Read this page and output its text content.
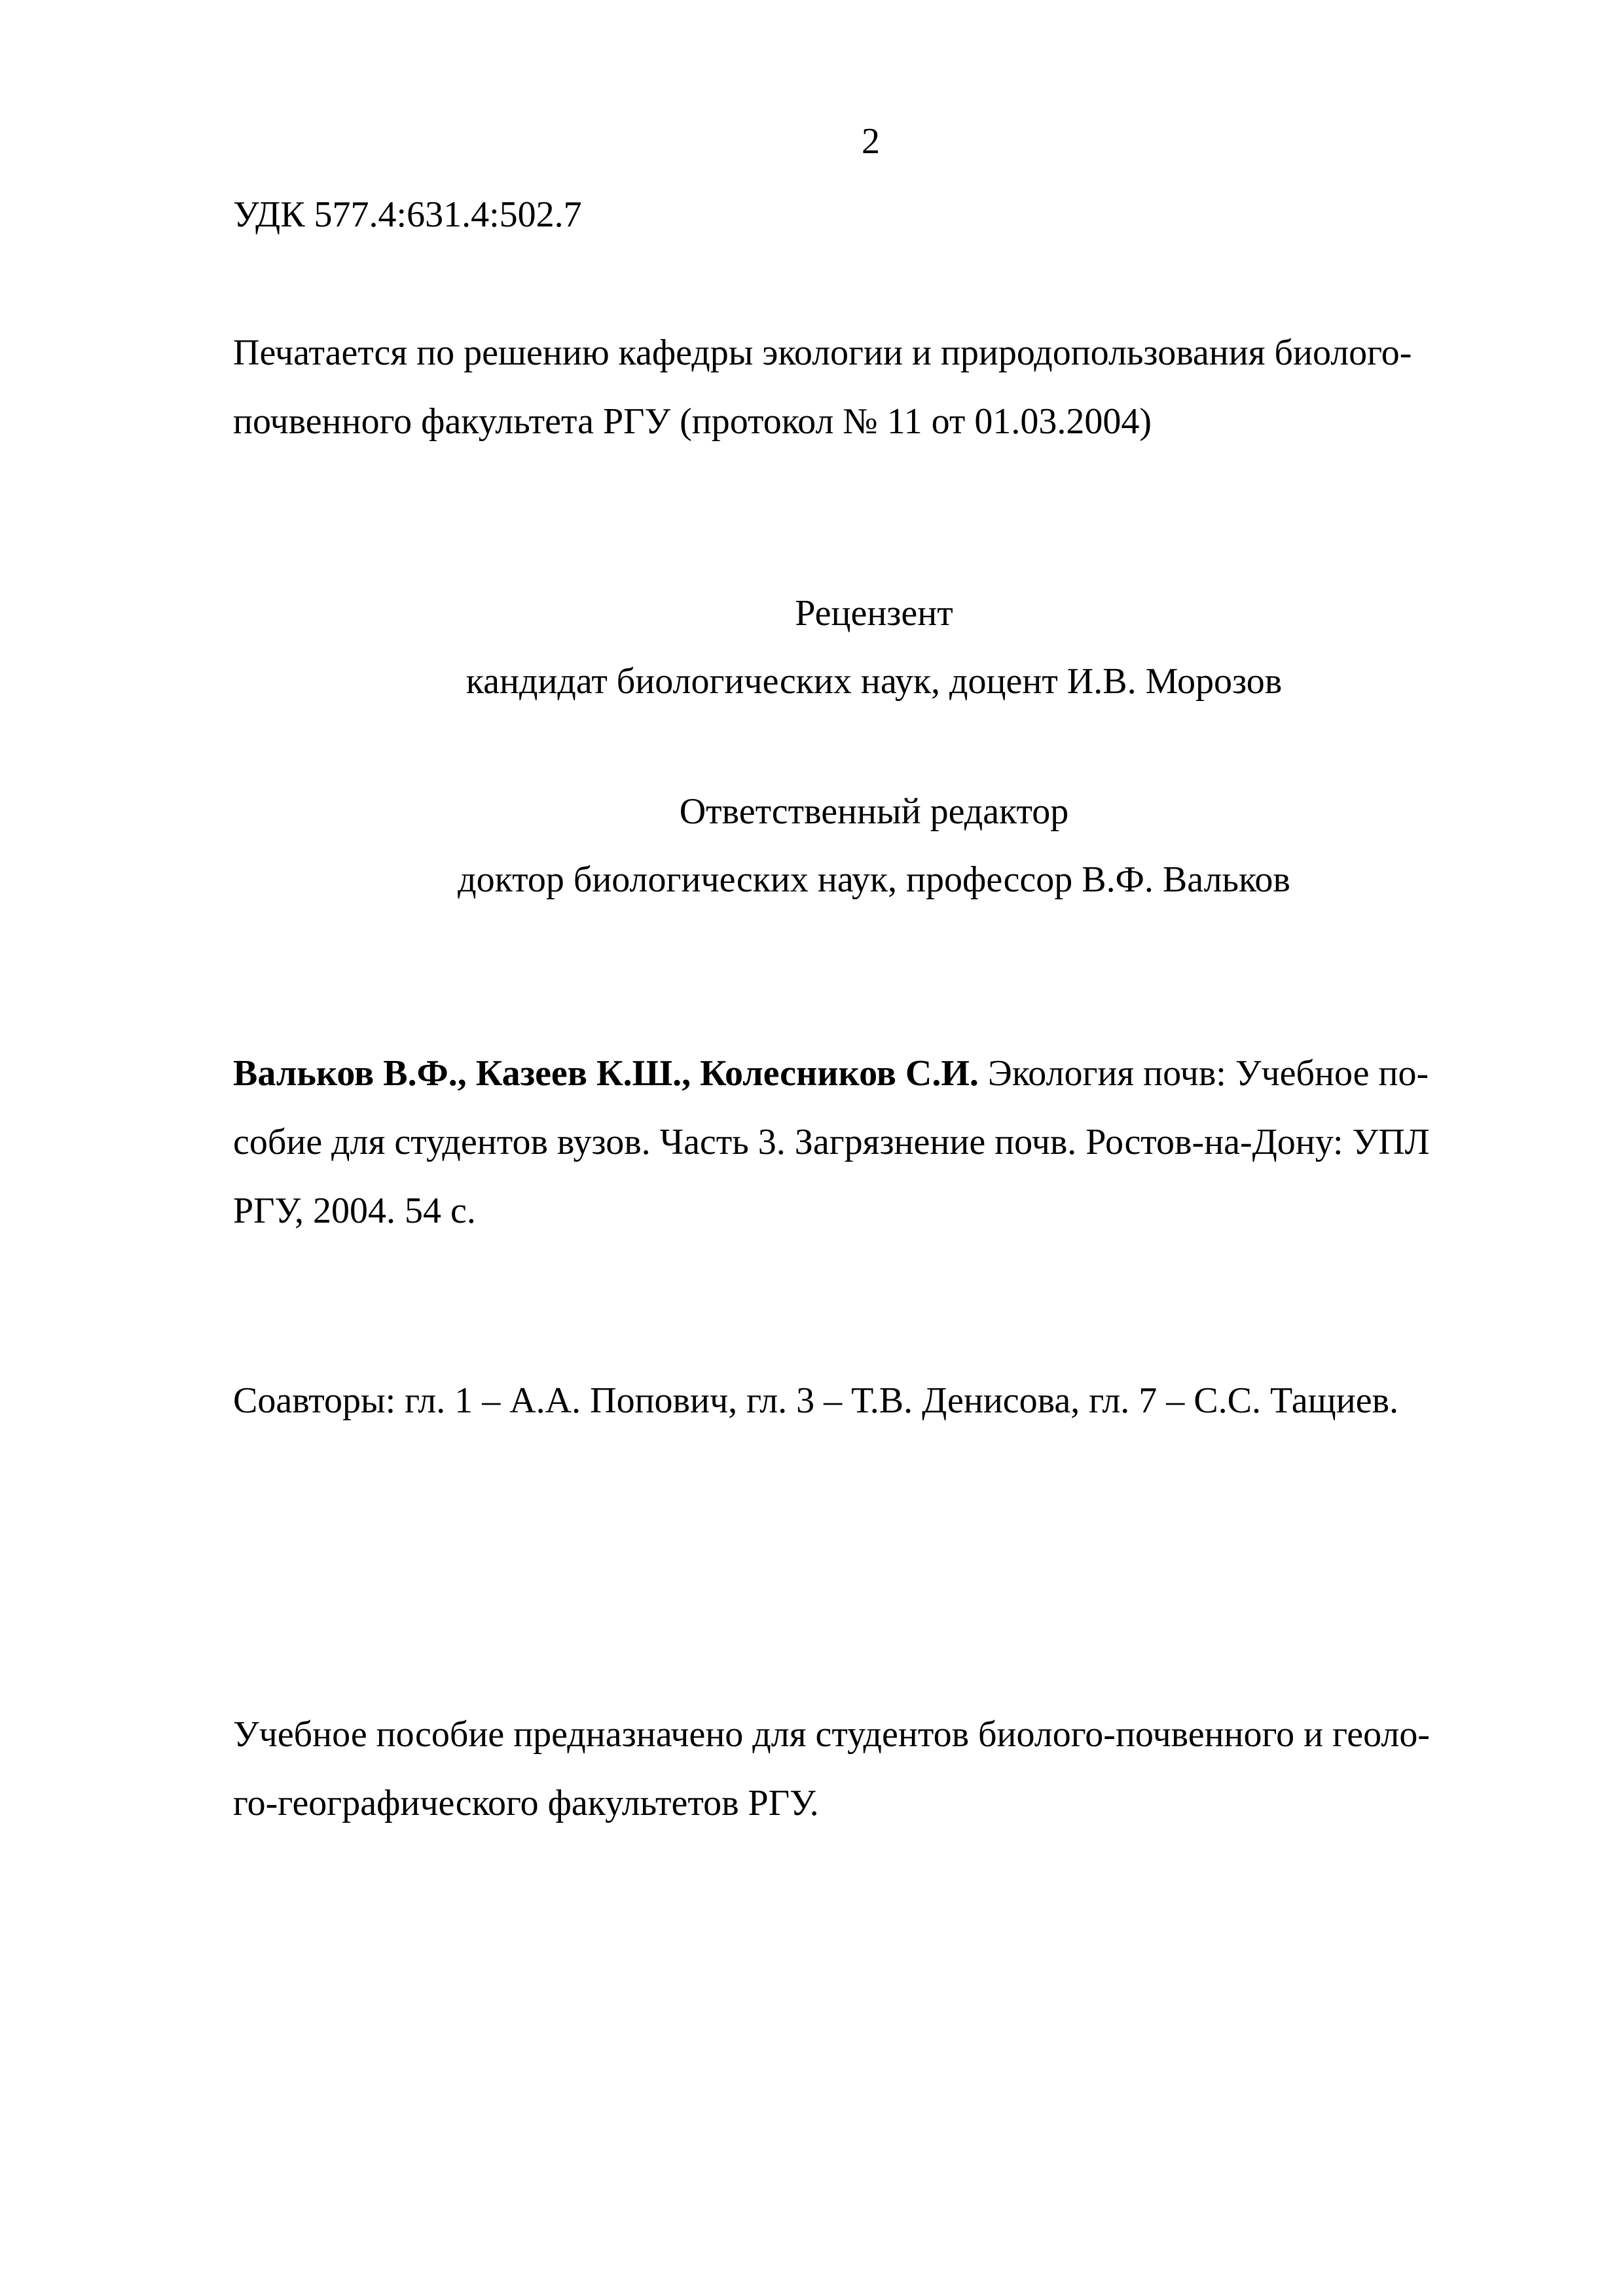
2
УДК 577.4:631.4:502.7
Печатается по решению кафедры экологии и природопользования биолого-
почвенного факультета РГУ (протокол № 11 от 01.03.2004)
Рецензент
кандидат биологических наук, доцент И.В. Морозов
Ответственный редактор
доктор биологических наук, профессор В.Ф. Вальков
Вальков В.Ф., Казеев К.Ш., Колесников С.И. Экология почв: Учебное по-
собие для студентов вузов. Часть 3. Загрязнение почв. Ростов-на-Дону: УПЛ
РГУ, 2004. 54 с.
Соавторы: гл. 1 – А.А. Попович, гл. 3 – Т.В. Денисова, гл. 7 – С.С. Тащиев.
Учебное пособие предназначено для студентов биолого-почвенного и геоло-
го-географического факультетов РГУ.
